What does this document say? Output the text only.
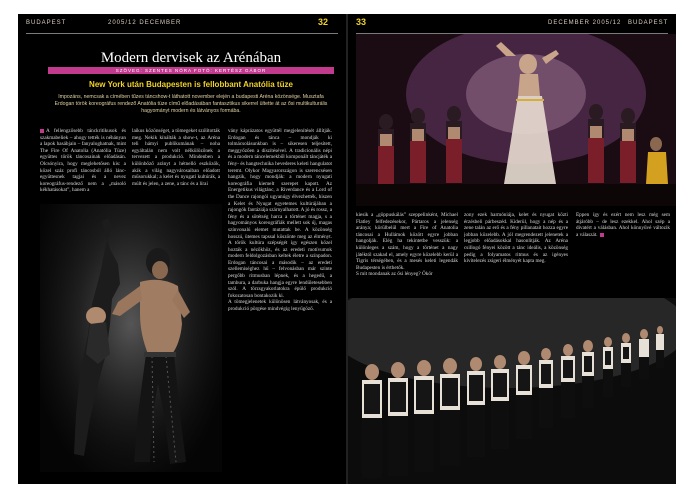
BUDAPEST	2005/12 DECEMBER	32
Modern dervisek az Arénában
SZÖVEG: SZENTES NÓRA FOTÓ: KERTÉSZ GÁBOR
New York után Budapesten is fellobbant Anatólia tüze
Impozáns, nemcsak a címében tűzes táncshow-t láthatott november elején a budapesti Aréna közönsége. Musztafa Erdogan török koreográfus rendező Anatólia tüze című előadásában fantasztikus sikerrel ültette át az ősi multikulturális hagyományt modern és látványos formába.
A fellengzősebb tánckritikusok és szakmabeliek – ahogy tették is néhányan a lapok hasábjain – fanyaloghatnak, mint The Fire Of Anatolia (Anatólia Tüze) együttes török táncosainak előadásán. Olcsónyira, hogy meglehetősen kis: a közel száz profi táncosból álló lánc-együttesnek tagjai és a nevez koreográfus-rendező nem a „másoló kékhatásokat”, hanem a
laikus közönséget, a tömegeket szólították meg. Nekik kínálták a show-t, az Aréna teli hámyi publikumának – noha egyáltalán nem volt nélkülözőnek a tervezett a produkció. Mindenben a különböző arányt a hétnelló eszközök, akik a világ nagyvárosaiban előadott műsorukkal; a kelet és nyugati kultúrák, a múlt és jelen, a zene, a tánc és a lírai
vány káprázatos együttél megjelenítését állítják. Erdogan és tánca – mondják ki tolmácsolásunkban is – sikeresen teljesített, meggyőzően a díszítésével. A tradicionális népi és a modern táncelemekből komponált táncjáték a fény- és hangtechnika hevederes keleti hangulatot teremt. Olykor Magyarországon is szerencsésen hangzik, hogy mondják: a modern nyugati koreográfia kiemelt szerepet kapott. Az Energetikus világtánc, a Riverdance és a Lord of the Dance rajongói ugyanúgy élvezhették, hiszen a Kelet és Nyugat egyetemes kultúrájában a rajongók fantáziája szárnyalhatott. A jó és rossz, a fény és a sötétség harca a történet magja, s a hagyományos koreográfiák mellett sok új, magas színvonalú elemet mutattak be. A közönség hosszú, ütemes tapssal köszönte meg az élményt. A török kultúra szépségét így egészen közel hozták a nézőkhöz, és az eredeti motívumok modern feldolgozásban keltek életre a színpadon. Erdogan táncosai a második – az eredeti szellemiséghez hű – felvonásban már szinte pergőbb ritmusban lépnek, és a hegedű, a tambura, a darbuka hangja egyre lendületesebben szól. A törzsgyakorlatokra épülő produkció fokozatosan bontakozik ki.
A tömegjelenetek különösen látványosak, és a produkció pörgése mindvégig lenyűgöző.
33	DECEMBER 2005/12 BUDAPEST
kiesik a „göppuskálás” szeppelinként, Michael Flatley felfedezésekor, Pártaros a jelenség aránya; körülbelül mert a Fire of Anatolia táncosai a Hullámok között egyre jobban hangolják. Elég ha tekintetbe vesszük: a különleges a szám, hogy a történet a nagy játéktól szakad el, amely egyre közelebb kerül a Tigris térségében, és a mesés keleti legendák Budapesten is érthetők.
S mit mondanak az ősi lényeg? Ökör
zony ezek harmóniája, kelet és nyugat közti érzésbeli párbeszéd. Kiderül, hogy a nép és a zene talán az erő és a fény pillanatait hozza egyre jobban közelebb. A jól megrendezett jelenetek a legjobb előadásokkal hasonlítják. Az Aréna csillogó fényei között a tánc ideális, a közönség pedig a folyamatos ritmus és az igényes kivitelezés zsigeri élményét kapta meg.
Éppen így és ezért nem lesz még sem átjáróbb – de lesz ezekkel. Ahol szép a divatért a válásban. Ahol könnyűvé változik a válaszát.
